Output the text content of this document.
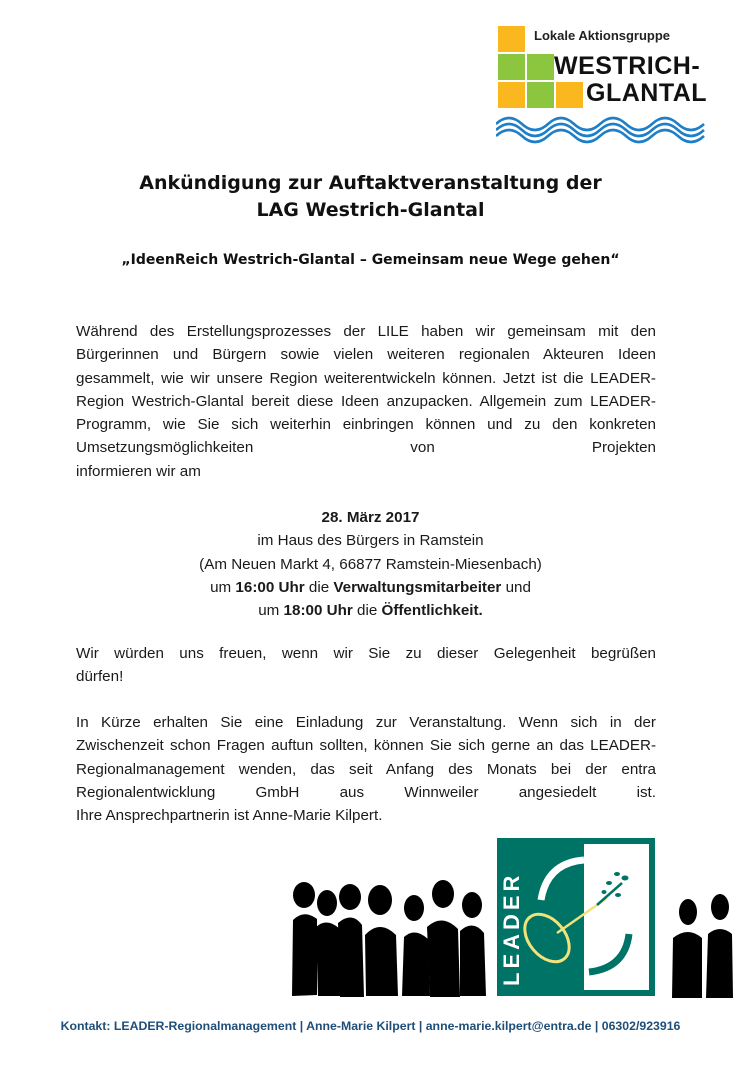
Lokale Aktionsgruppe
WESTRICH-
GLANTAL
Ankündigung zur Auftaktveranstaltung der
LAG Westrich-Glantal
„IdeenReich Westrich-Glantal – Gemeinsam neue Wege gehen“
Während des Erstellungsprozesses der LILE haben wir gemeinsam mit den Bürgerinnen und Bürgern sowie vielen weiteren regionalen Akteuren Ideen gesammelt, wie wir unsere Region weiterentwickeln können. Jetzt ist die LEADER-Region Westrich-Glantal bereit diese Ideen anzupacken. Allgemein zum LEADER-Programm, wie Sie sich weiterhin einbringen können und zu den konkreten Umsetzungsmöglichkeiten von Projekten
informieren wir am
28. März 2017
im Haus des Bürgers in Ramstein
(Am Neuen Markt 4, 66877 Ramstein-Miesenbach)
um 16:00 Uhr die Verwaltungsmitarbeiter und
um 18:00 Uhr die Öffentlichkeit.
Wir würden uns freuen, wenn wir Sie zu dieser Gelegenheit begrüßen
dürfen!
In Kürze erhalten Sie eine Einladung zur Veranstaltung. Wenn sich in der Zwischenzeit schon Fragen auftun sollten, können Sie sich gerne an das LEADER-Regionalmanagement wenden, das seit Anfang des Monats bei der entra Regionalentwicklung GmbH aus Winnweiler angesiedelt ist.
Ihre Ansprechpartnerin ist Anne-Marie Kilpert.
LEADER
Kontakt: LEADER-Regionalmanagement | Anne-Marie Kilpert | anne-marie.kilpert@entra.de | 06302/923916
